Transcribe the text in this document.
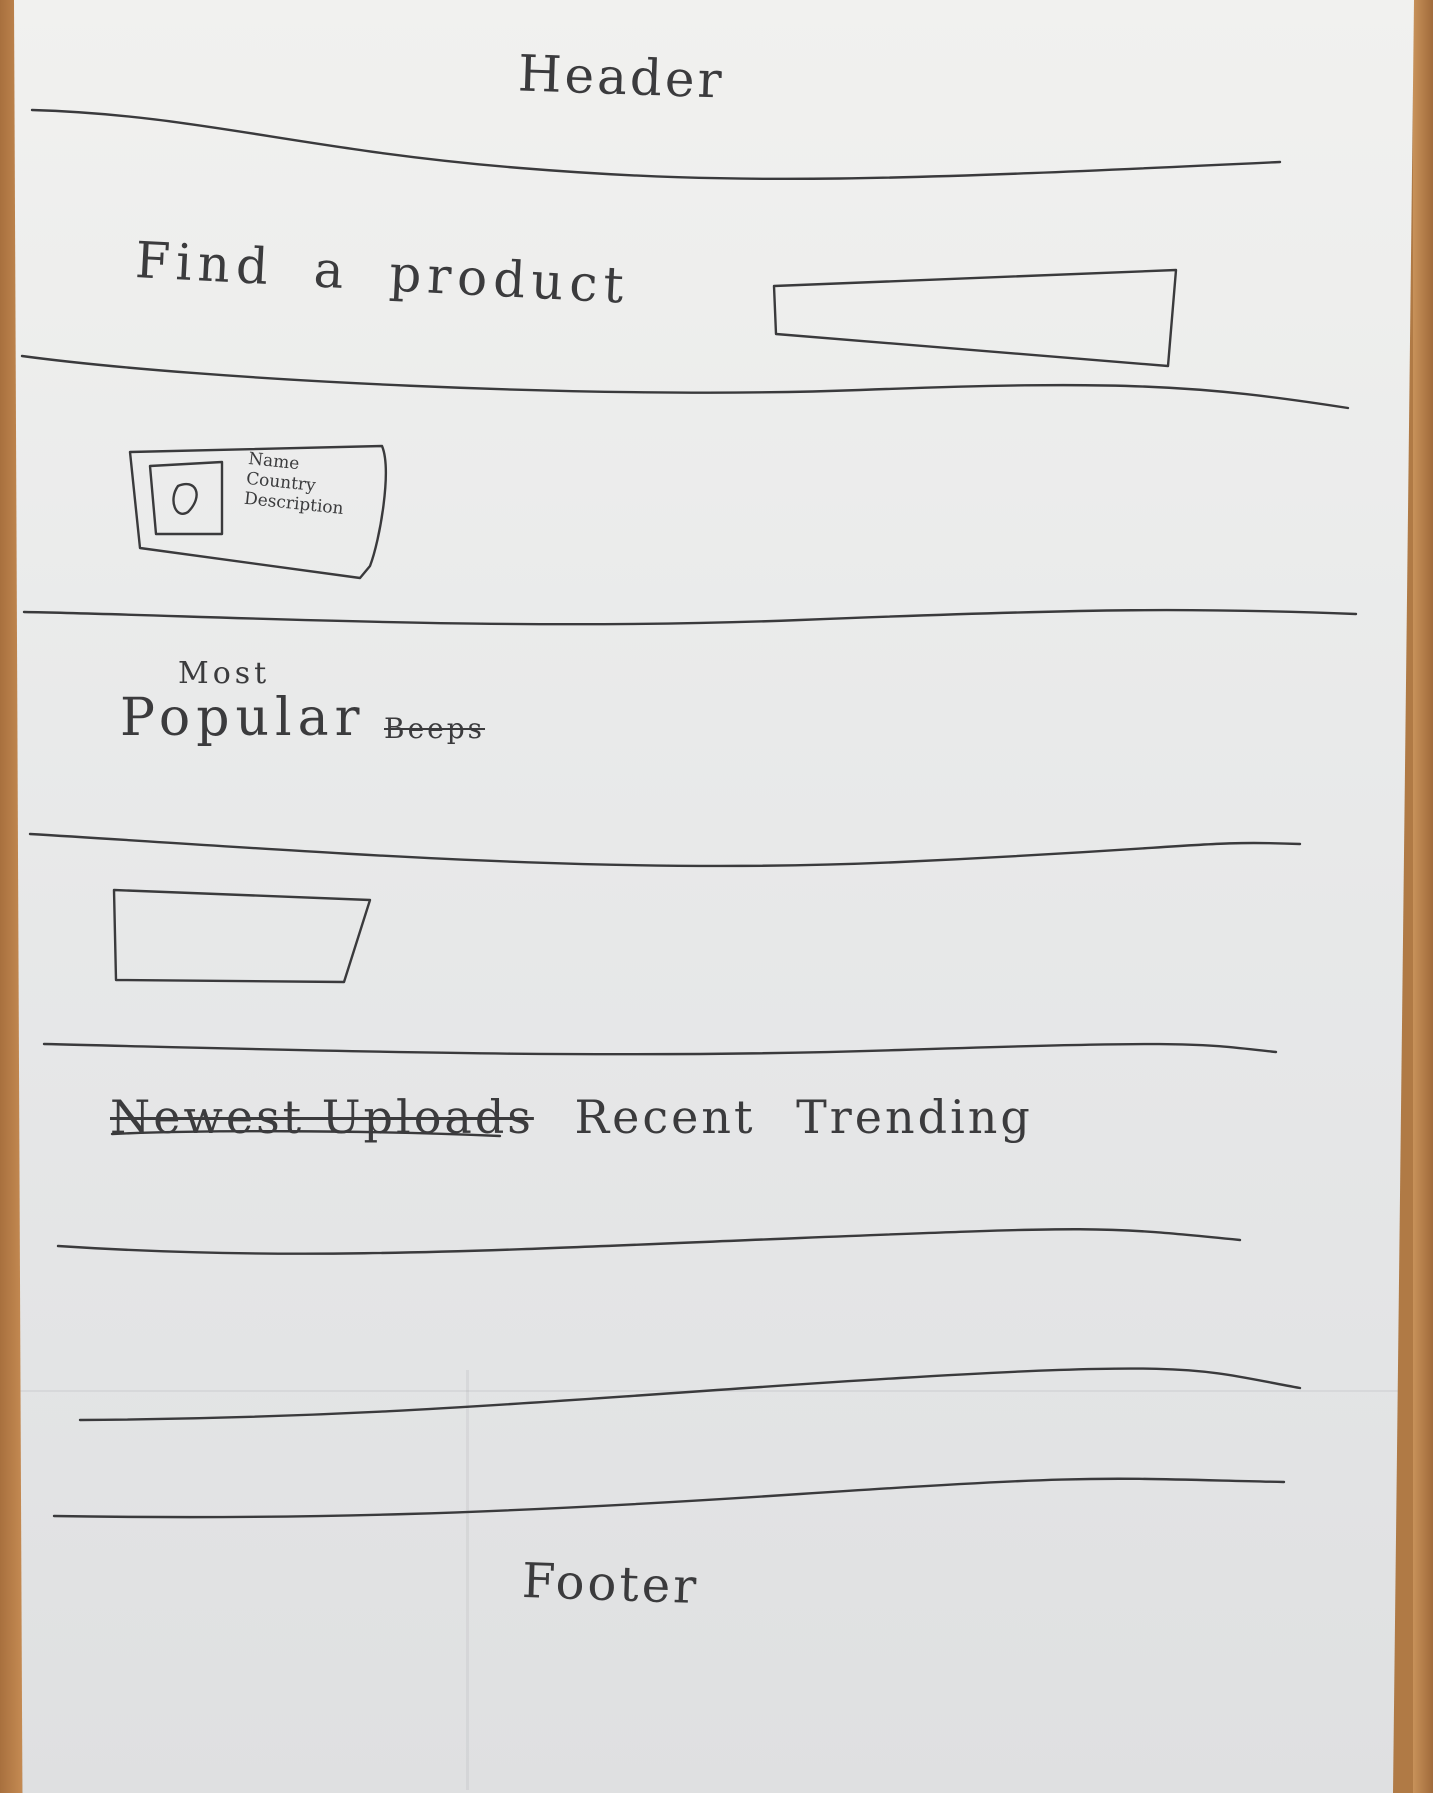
Header
Find a product
Name
Country
Description
Most
Popular Beeps
Newest Uploads Recent Trending
Footer
